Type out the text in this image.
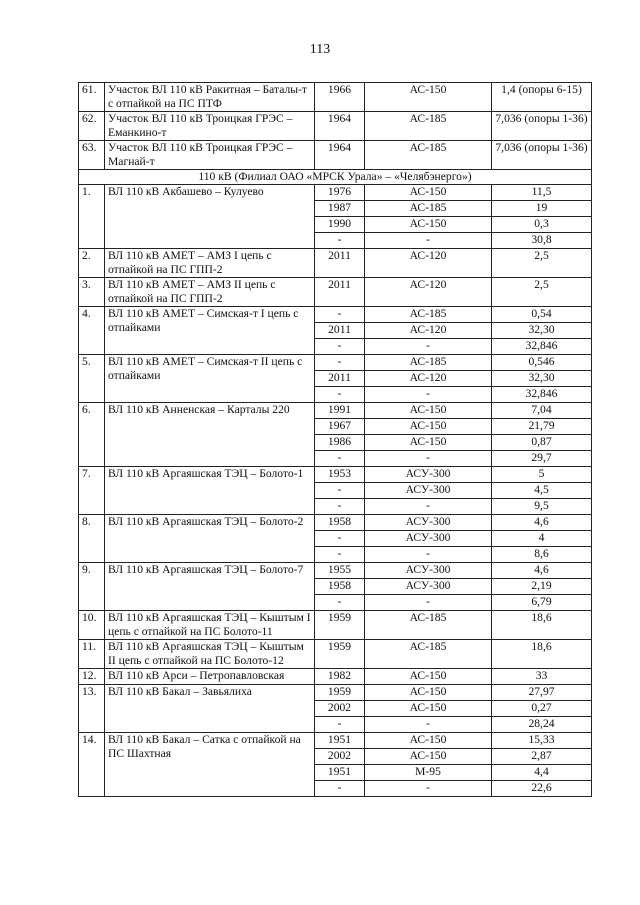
113
61.	Участок ВЛ 110 кВ Ракитная – Баталы-т с отпайкой на ПС ПТФ	1966	АС-150	1,4 (опоры 6-15)
62.	Участок ВЛ 110 кВ Троицкая ГРЭС – Еманкино-т	1964	АС-185	7,036 (опоры 1-36)
63.	Участок ВЛ 110 кВ Троицкая ГРЭС – Магнай-т	1964	АС-185	7,036 (опоры 1-36)
110 кВ (Филиал ОАО «МРСК Урала» – «Челябэнерго»)				
1.	ВЛ 110 кВ Акбашево – Кулуево	1976	АС-150	11,5
		1987	АС-185	19
		1990	АС-150	0,3
		-	-	30,8
2.	ВЛ 110 кВ АМЕТ – АМЗ I цепь с отпайкой на ПС ГПП-2	2011	АС-120	2,5
3.	ВЛ 110 кВ АМЕТ – АМЗ II цепь с отпайкой на ПС ГПП-2	2011	АС-120	2,5
4.	ВЛ 110 кВ АМЕТ – Симская-т I цепь с отпайками	-	АС-185	0,54
		2011	АС-120	32,30
		-	-	32,846
5.	ВЛ 110 кВ АМЕТ – Симская-т II цепь с отпайками	-	АС-185	0,546
		2011	АС-120	32,30
		-	-	32,846
6.	ВЛ 110 кВ Анненская – Карталы 220	1991	АС-150	7,04
		1967	АС-150	21,79
		1986	АС-150	0,87
		-	-	29,7
7.	ВЛ 110 кВ Аргаяшская ТЭЦ – Болото-1	1953	АСУ-300	5
		-	АСУ-300	4,5
		-	-	9,5
8.	ВЛ 110 кВ Аргаяшская ТЭЦ – Болото-2	1958	АСУ-300	4,6
		-	АСУ-300	4
		-	-	8,6
9.	ВЛ 110 кВ Аргаяшская ТЭЦ – Болото-7	1955	АСУ-300	4,6
		1958	АСУ-300	2,19
		-	-	6,79
10.	ВЛ 110 кВ Аргаяшская ТЭЦ – Кыштым I цепь с отпайкой на ПС Болото-11	1959	АС-185	18,6
11.	ВЛ 110 кВ Аргаяшская ТЭЦ – Кыштым II цепь с отпайкой на ПС Болото-12	1959	АС-185	18,6
12.	ВЛ 110 кВ Арси – Петропавловская	1982	АС-150	33
13.	ВЛ 110 кВ Бакал – Завьялиха	1959	АС-150	27,97
		2002	АС-150	0,27
		-	-	28,24
14.	ВЛ 110 кВ Бакал – Сатка с отпайкой на ПС Шахтная	1951	АС-150	15,33
		2002	АС-150	2,87
		1951	М-95	4,4
		-	-	22,6
